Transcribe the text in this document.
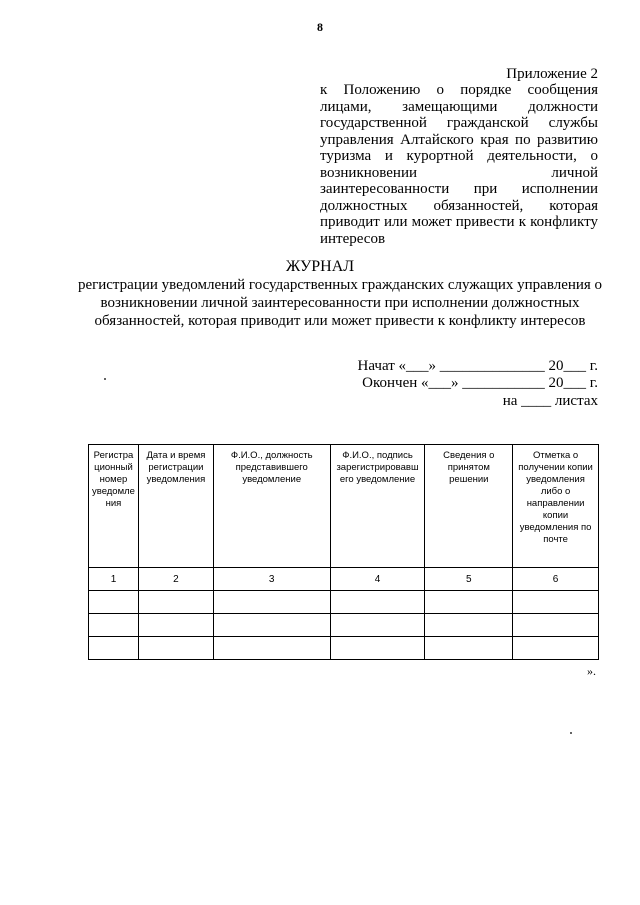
8
Приложение 2
к Положению о порядке сообщения лицами, замещающими должности государственной гражданской службы управления Алтайского края по развитию туризма и курортной деятельности, о возникновении личной заинтересованности при исполнении должностных обязанностей, которая приводит или может привести к конфликту интересов
ЖУРНАЛ
регистрации уведомлений государственных гражданских служащих управления о возникновении личной заинтересованности при исполнении должностных обязанностей, которая приводит или может привести к конфликту интересов
Начат «___» ______________ 20___ г.
Окончен «___» ___________ 20___ г.
на ____ листах
Регистра ционный номер уведомле ния	Дата и время регистрации уведомления	Ф.И.О., должность представившего уведомление	Ф.И.О., подпись зарегистрировавш его уведомление	Сведения о принятом решении	Отметка о получении копии уведомления либо о направлении копии уведомления по почте
1	2	3	4	5	6

».
